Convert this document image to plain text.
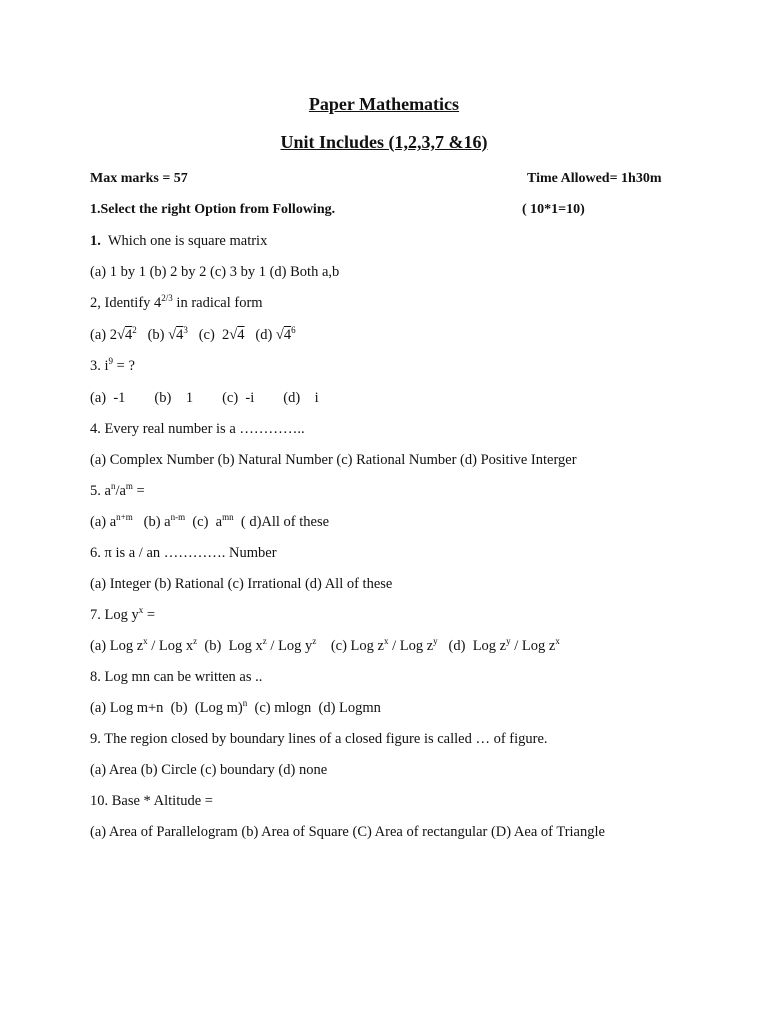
Paper Mathematics
Unit Includes (1,2,3,7 &16)
Max marks = 57	Time Allowed= 1h30m
1.Select the right Option from Following.	( 10*1=10)
1. Which one is square matrix
(a) 1 by 1 (b) 2 by 2 (c) 3 by 1 (d) Both a,b
2, Identify $4^{2/3}$ in radical form
(a) $2√4^2$   (b) $√4^3$   (c)  2√4   (d) $√4^6$
3. $i^9$ = ?
(a)  -1        (b)    1        (c)  -i        (d)    i
4. Every real number is a …………..
(a) Complex Number (b) Natural Number (c) Rational Number (d) Positive Interger
5. $a^n/a^m$ =
(a) $a^{n+m}$   (b) $a^{n-m}$  (c)  $a^{mn}$  ( d)All of these
6. π is a / an …………. Number
(a) Integer (b) Rational (c) Irrational (d) All of these
7. Log $y^x$ =
(a) Log $z^x$ / Log $x^z$  (b)  Log $x^z$ / Log $y^z$    (c) Log $z^x$ / Log $z^y$   (d)  Log $z^y$ / Log $z^x$
8. Log mn can be written as ..
(a) Log m+n  (b)  (Log m)$^n$  (c) mlogn  (d) Logmn
9. The region closed by boundary lines of a closed figure is called … of figure.
(a) Area (b) Circle (c) boundary (d) none
10. Base * Altitude =
(a) Area of Parallelogram (b) Area of Square (C) Area of rectangular (D) Aea of Triangle
